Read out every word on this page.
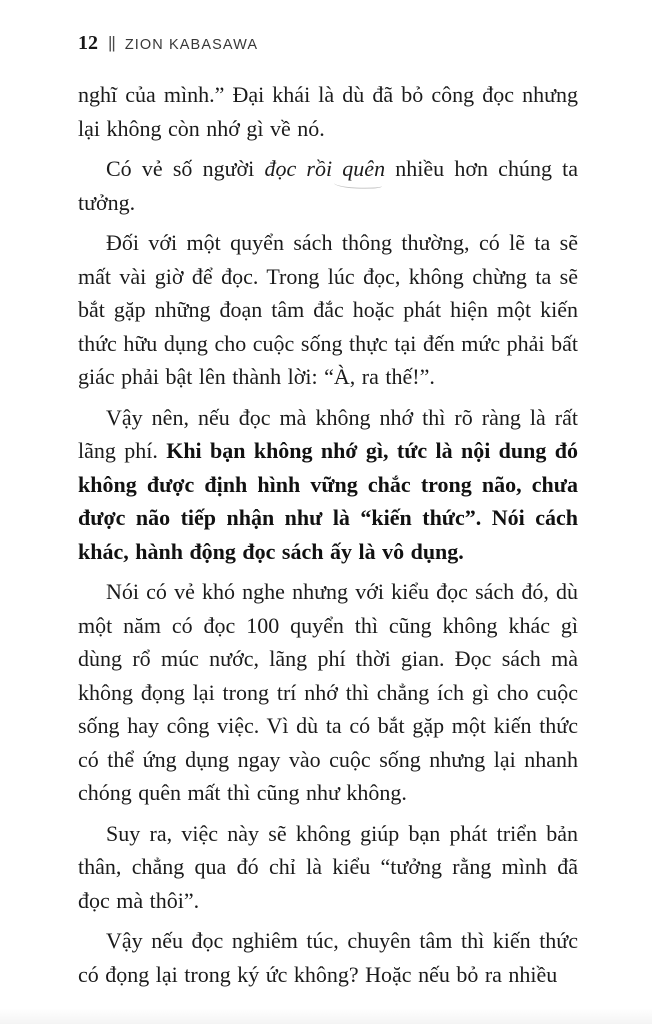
12 || ZION KABASAWA

nghĩ của mình.” Đại khái là dù đã bỏ công đọc nhưng lại không còn nhớ gì về nó.

Có vẻ số người đọc rồi quên nhiều hơn chúng ta tưởng.

Đối với một quyển sách thông thường, có lẽ ta sẽ mất vài giờ để đọc. Trong lúc đọc, không chừng ta sẽ bắt gặp những đoạn tâm đắc hoặc phát hiện một kiến thức hữu dụng cho cuộc sống thực tại đến mức phải bất giác phải bật lên thành lời: “À, ra thế!”.

Vậy nên, nếu đọc mà không nhớ thì rõ ràng là rất lãng phí. Khi bạn không nhớ gì, tức là nội dung đó không được định hình vững chắc trong não, chưa được não tiếp nhận như là “kiến thức”. Nói cách khác, hành động đọc sách ấy là vô dụng.

Nói có vẻ khó nghe nhưng với kiểu đọc sách đó, dù một năm có đọc 100 quyển thì cũng không khác gì dùng rổ múc nước, lãng phí thời gian. Đọc sách mà không đọng lại trong trí nhớ thì chẳng ích gì cho cuộc sống hay công việc. Vì dù ta có bắt gặp một kiến thức có thể ứng dụng ngay vào cuộc sống nhưng lại nhanh chóng quên mất thì cũng như không.

Suy ra, việc này sẽ không giúp bạn phát triển bản thân, chẳng qua đó chỉ là kiểu “tưởng rằng mình đã đọc mà thôi”.

Vậy nếu đọc nghiêm túc, chuyên tâm thì kiến thức có đọng lại trong ký ức không? Hoặc nếu bỏ ra nhiều
